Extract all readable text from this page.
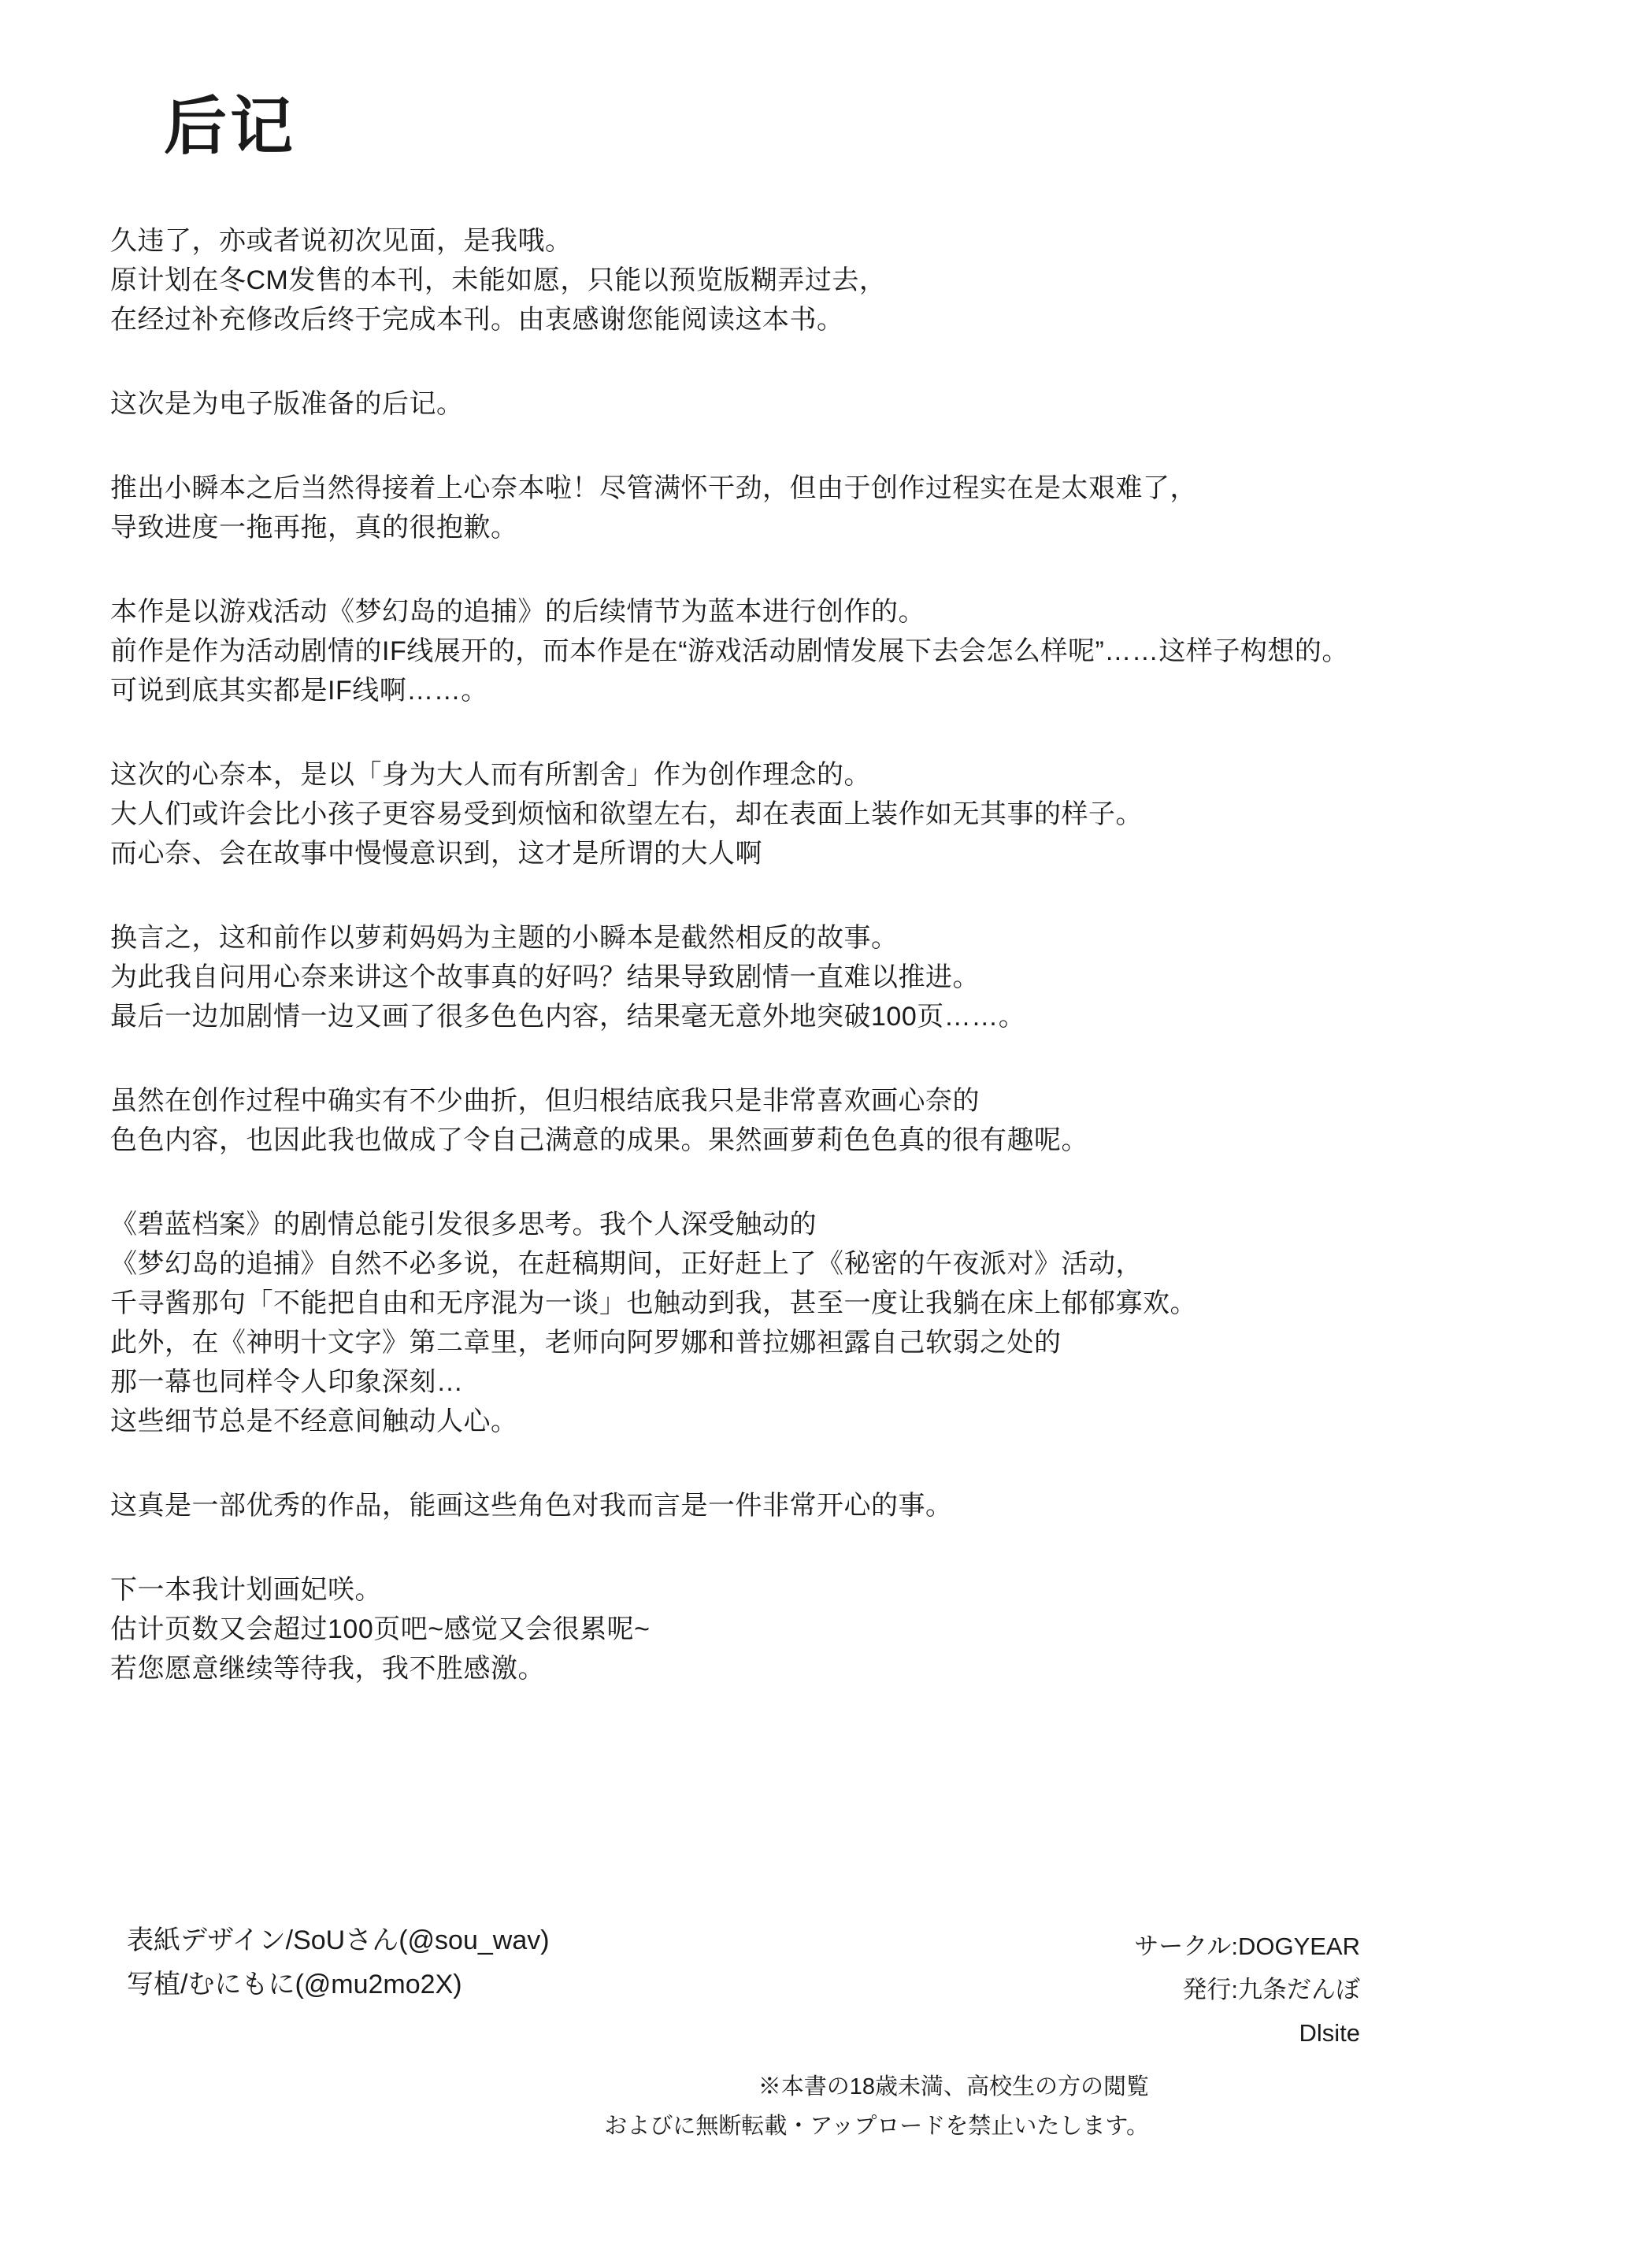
后记
久违了，亦或者说初次见面，是我哦。
原计划在冬CM发售的本刊，未能如愿，只能以预览版糊弄过去，
在经过补充修改后终于完成本刊。由衷感谢您能阅读这本书。
这次是为电子版准备的后记。
推出小瞬本之后当然得接着上心奈本啦！尽管满怀干劲，但由于创作过程实在是太艰难了，
导致进度一拖再拖，真的很抱歉。
本作是以游戏活动《梦幻岛的追捕》的后续情节为蓝本进行创作的。
前作是作为活动剧情的IF线展开的，而本作是在“游戏活动剧情发展下去会怎么样呢”……这样子构想的。
可说到底其实都是IF线啊……。
这次的心奈本，是以「身为大人而有所割舍」作为创作理念的。
大人们或许会比小孩子更容易受到烦恼和欲望左右，却在表面上装作如无其事的样子。
而心奈、会在故事中慢慢意识到，这才是所谓的大人啊
换言之，这和前作以萝莉妈妈为主题的小瞬本是截然相反的故事。
为此我自问用心奈来讲这个故事真的好吗？结果导致剧情一直难以推进。
最后一边加剧情一边又画了很多色色内容，结果毫无意外地突破100页……。
虽然在创作过程中确实有不少曲折，但归根结底我只是非常喜欢画心奈的
色色内容，也因此我也做成了令自己满意的成果。果然画萝莉色色真的很有趣呢。
《碧蓝档案》的剧情总能引发很多思考。我个人深受触动的
《梦幻岛的追捕》自然不必多说，在赶稿期间，正好赶上了《秘密的午夜派对》活动，
千寻酱那句「不能把自由和无序混为一谈」也触动到我，甚至一度让我躺在床上郁郁寡欢。
此外，在《神明十文字》第二章里，老师向阿罗娜和普拉娜袒露自己软弱之处的
那一幕也同样令人印象深刻…
这些细节总是不经意间触动人心。
这真是一部优秀的作品，能画这些角色对我而言是一件非常开心的事。
下一本我计划画妃咲。
估计页数又会超过100页吧~感觉又会很累呢~
若您愿意继续等待我，我不胜感激。
表紙デザイン/SoUさん(@sou_wav)
写植/むにもに(@mu2mo2X)
サークル:DOGYEAR
発行:九条だんぼ
Dlsite
※本書の18歳未満、高校生の方の閲覧
およびに無断転載・アップロードを禁止いたします。
